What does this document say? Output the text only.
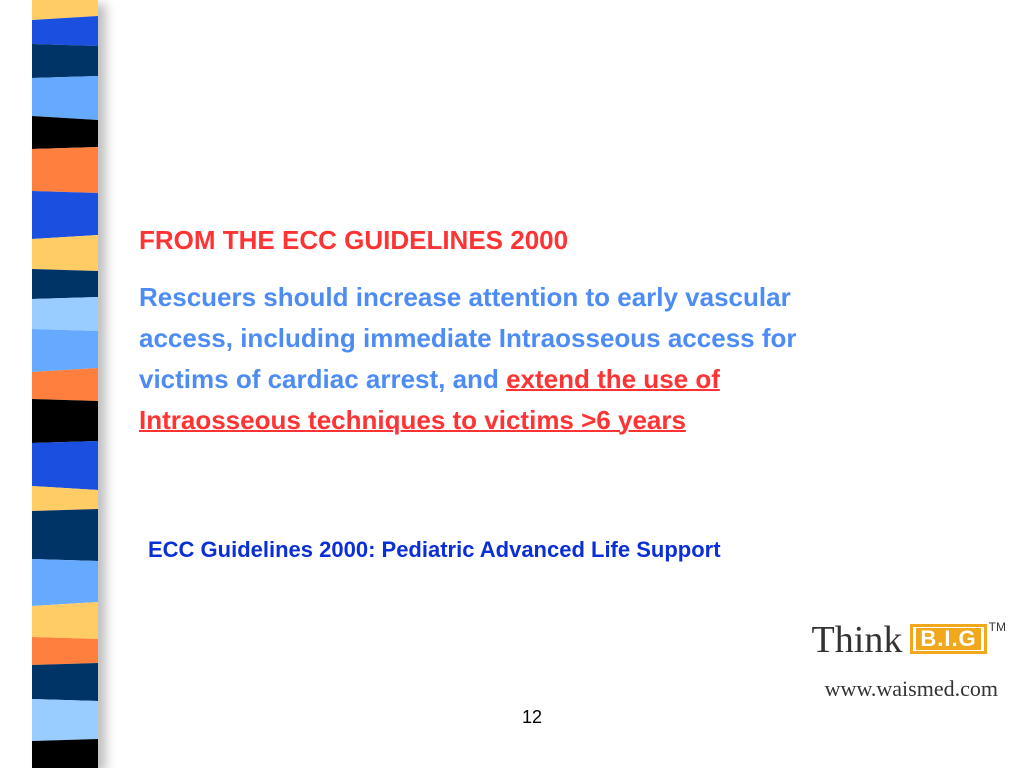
FROM THE ECC GUIDELINES 2000
Rescuers should increase attention to early vascular access, including immediate Intraosseous access for victims of cardiac arrest, and extend the use of Intraosseous techniques to victims >6 years
ECC Guidelines 2000: Pediatric Advanced Life Support
Think B.I.G	TM
www.waismed.com
12
